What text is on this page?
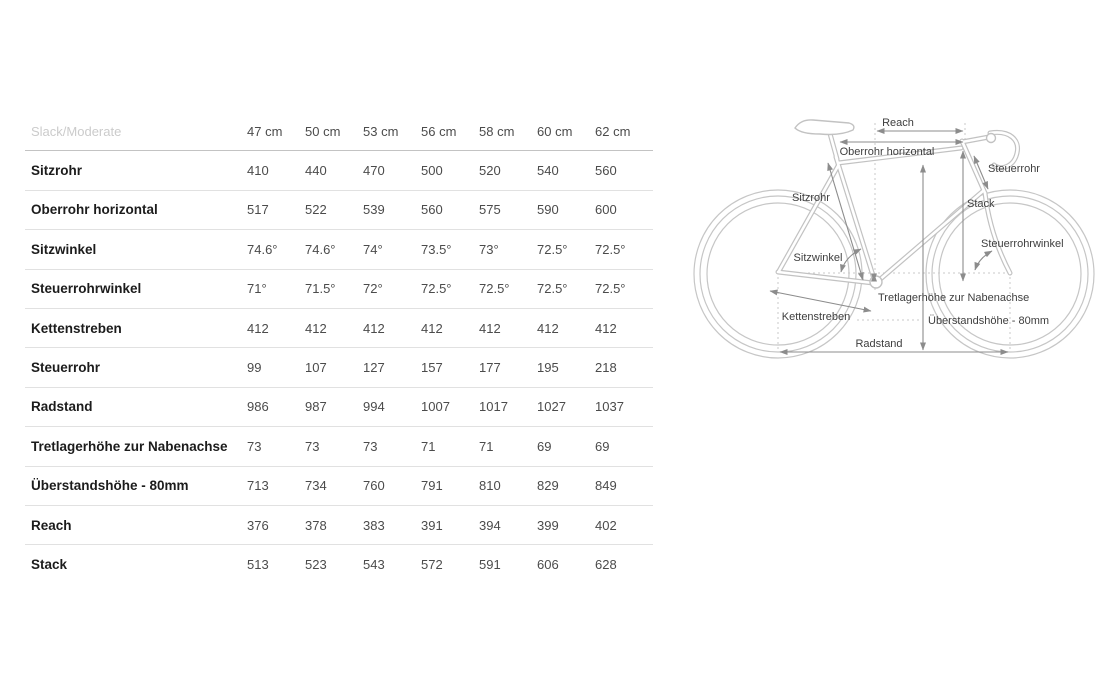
Slack/Moderate	47 cm	50 cm	53 cm	56 cm	58 cm	60 cm	62 cm
Sitzrohr	410	440	470	500	520	540	560
Oberrohr horizontal	517	522	539	560	575	590	600
Sitzwinkel	74.6°	74.6°	74°	73.5°	73°	72.5°	72.5°
Steuerrohrwinkel	71°	71.5°	72°	72.5°	72.5°	72.5°	72.5°
Kettenstreben	412	412	412	412	412	412	412
Steuerrohr	99	107	127	157	177	195	218
Radstand	986	987	994	1007	1017	1027	1037
Tretlagerhöhe zur Nabenachse	73	73	73	71	71	69	69
Überstandshöhe - 80mm	713	734	760	791	810	829	849
Reach	376	378	383	391	394	399	402
Stack	513	523	543	572	591	606	628
Reach
Oberrohr horizontal
Steuerrohr
Sitzrohr	Stack
Sitzwinkel
Steuerrohrwinkel
Tretlagerhöhe zur Nabenachse
Kettenstreben	Überstandshöhe - 80mm
Radstand
